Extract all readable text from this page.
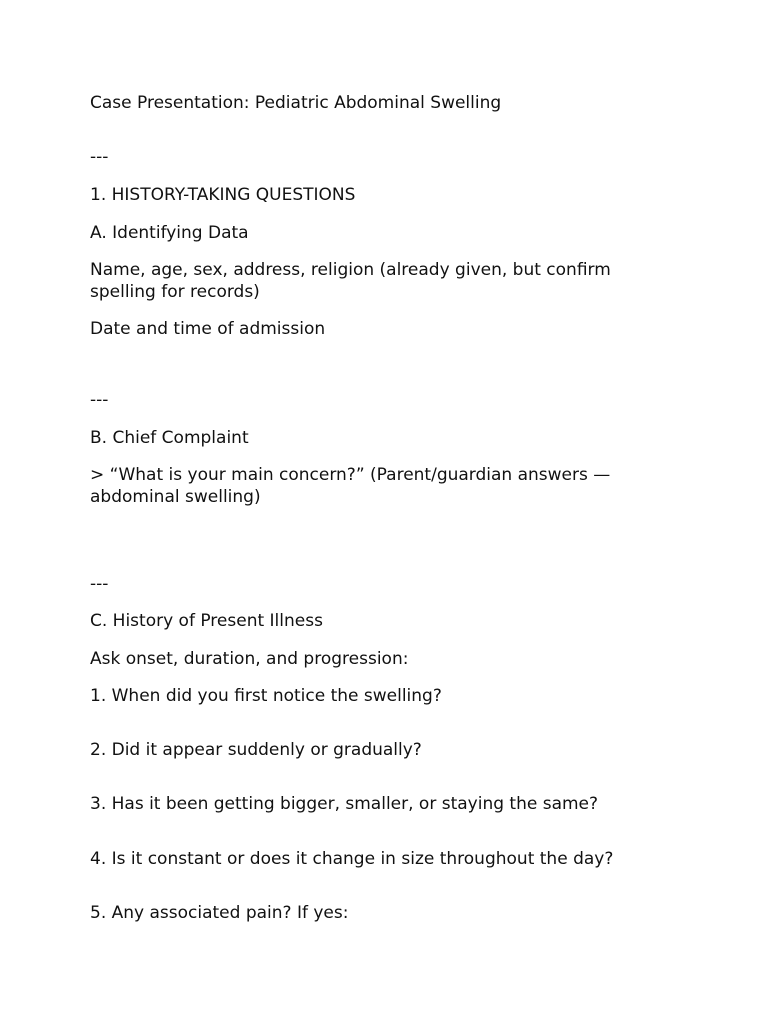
Case Presentation: Pediatric Abdominal Swelling
---
1. HISTORY-TAKING QUESTIONS
A. Identifying Data
Name, age, sex, address, religion (already given, but confirm spelling for records)
Date and time of admission
---
B. Chief Complaint
> “What is your main concern?” (Parent/guardian answers — abdominal swelling)
---
C. History of Present Illness
Ask onset, duration, and progression:
1. When did you first notice the swelling?
2. Did it appear suddenly or gradually?
3. Has it been getting bigger, smaller, or staying the same?
4. Is it constant or does it change in size throughout the day?
5. Any associated pain? If yes:
